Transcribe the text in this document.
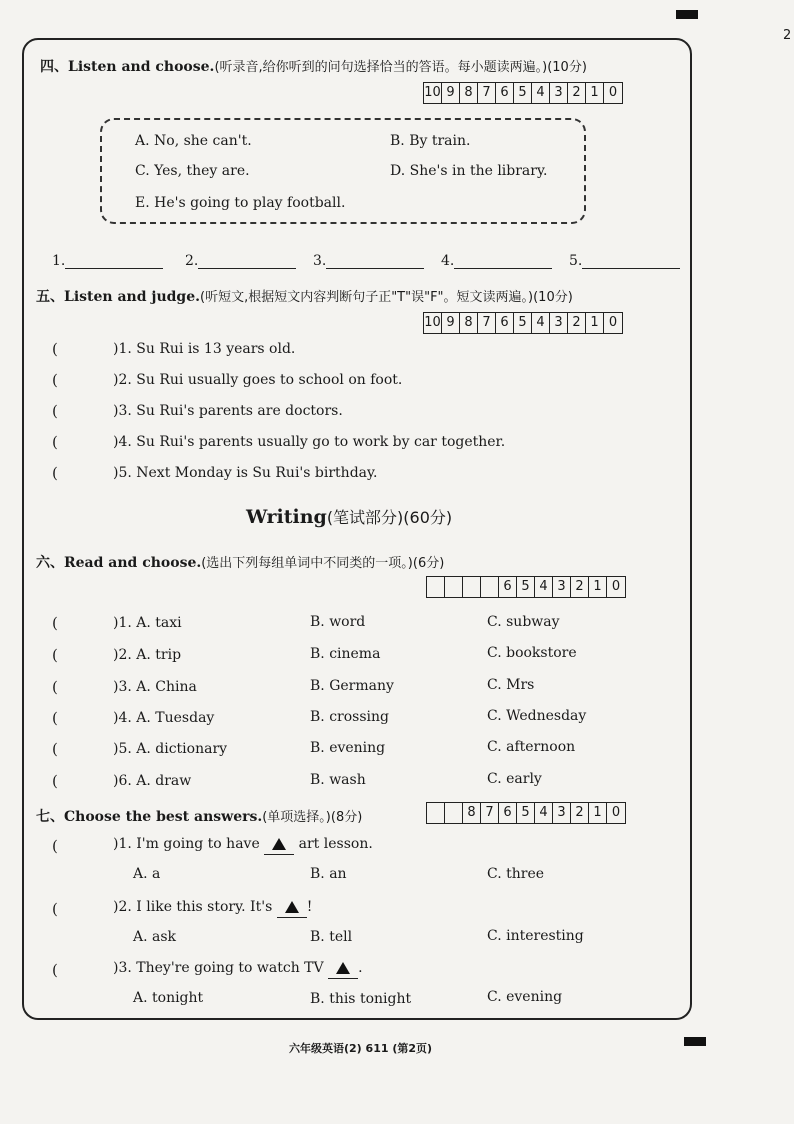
2
四、Listen and choose.(听录音,给你听到的问句选择恰当的答语。每小题读两遍。)(10分)
10 9 8 7 6 5 4 3 2 1 0
A. No, she can't.	B. By train.
C. Yes, they are.	D. She's in the library.
E. He's going to play football.
1.	2.	3.	4.	5.
五、Listen and judge.(听短文,根据短文内容判断句子正"T"误"F"。短文读两遍。)(10分)
10 9 8 7 6 5 4 3 2 1 0
(	)1. Su Rui is 13 years old.
(	)2. Su Rui usually goes to school on foot.
(	)3. Su Rui's parents are doctors.
(	)4. Su Rui's parents usually go to work by car together.
(	)5. Next Monday is Su Rui's birthday.
Writing(笔试部分)(60分)
六、Read and choose.(选出下列每组单词中不同类的一项。)(6分)
6 5 4 3 2 1 0
(	)1. A. taxi	B. word	C. subway
(	)2. A. trip	B. cinema	C. bookstore
(	)3. A. China	B. Germany	C. Mrs
(	)4. A. Tuesday	B. crossing	C. Wednesday
(	)5. A. dictionary	B. evening	C. afternoon
(	)6. A. draw	B. wash	C. early
七、Choose the best answers.(单项选择。)(8分)	8 7 6 5 4 3 2 1 0
(	)1. I'm going to have	art lesson.
A. a	B. an	C. three
(	)2. I like this story. It's !
A. ask	B. tell	C. interesting
(	)3. They're going to watch TV .
A. tonight	B. this tonight	C. evening
六年级英语(2) 611 (第2页)
